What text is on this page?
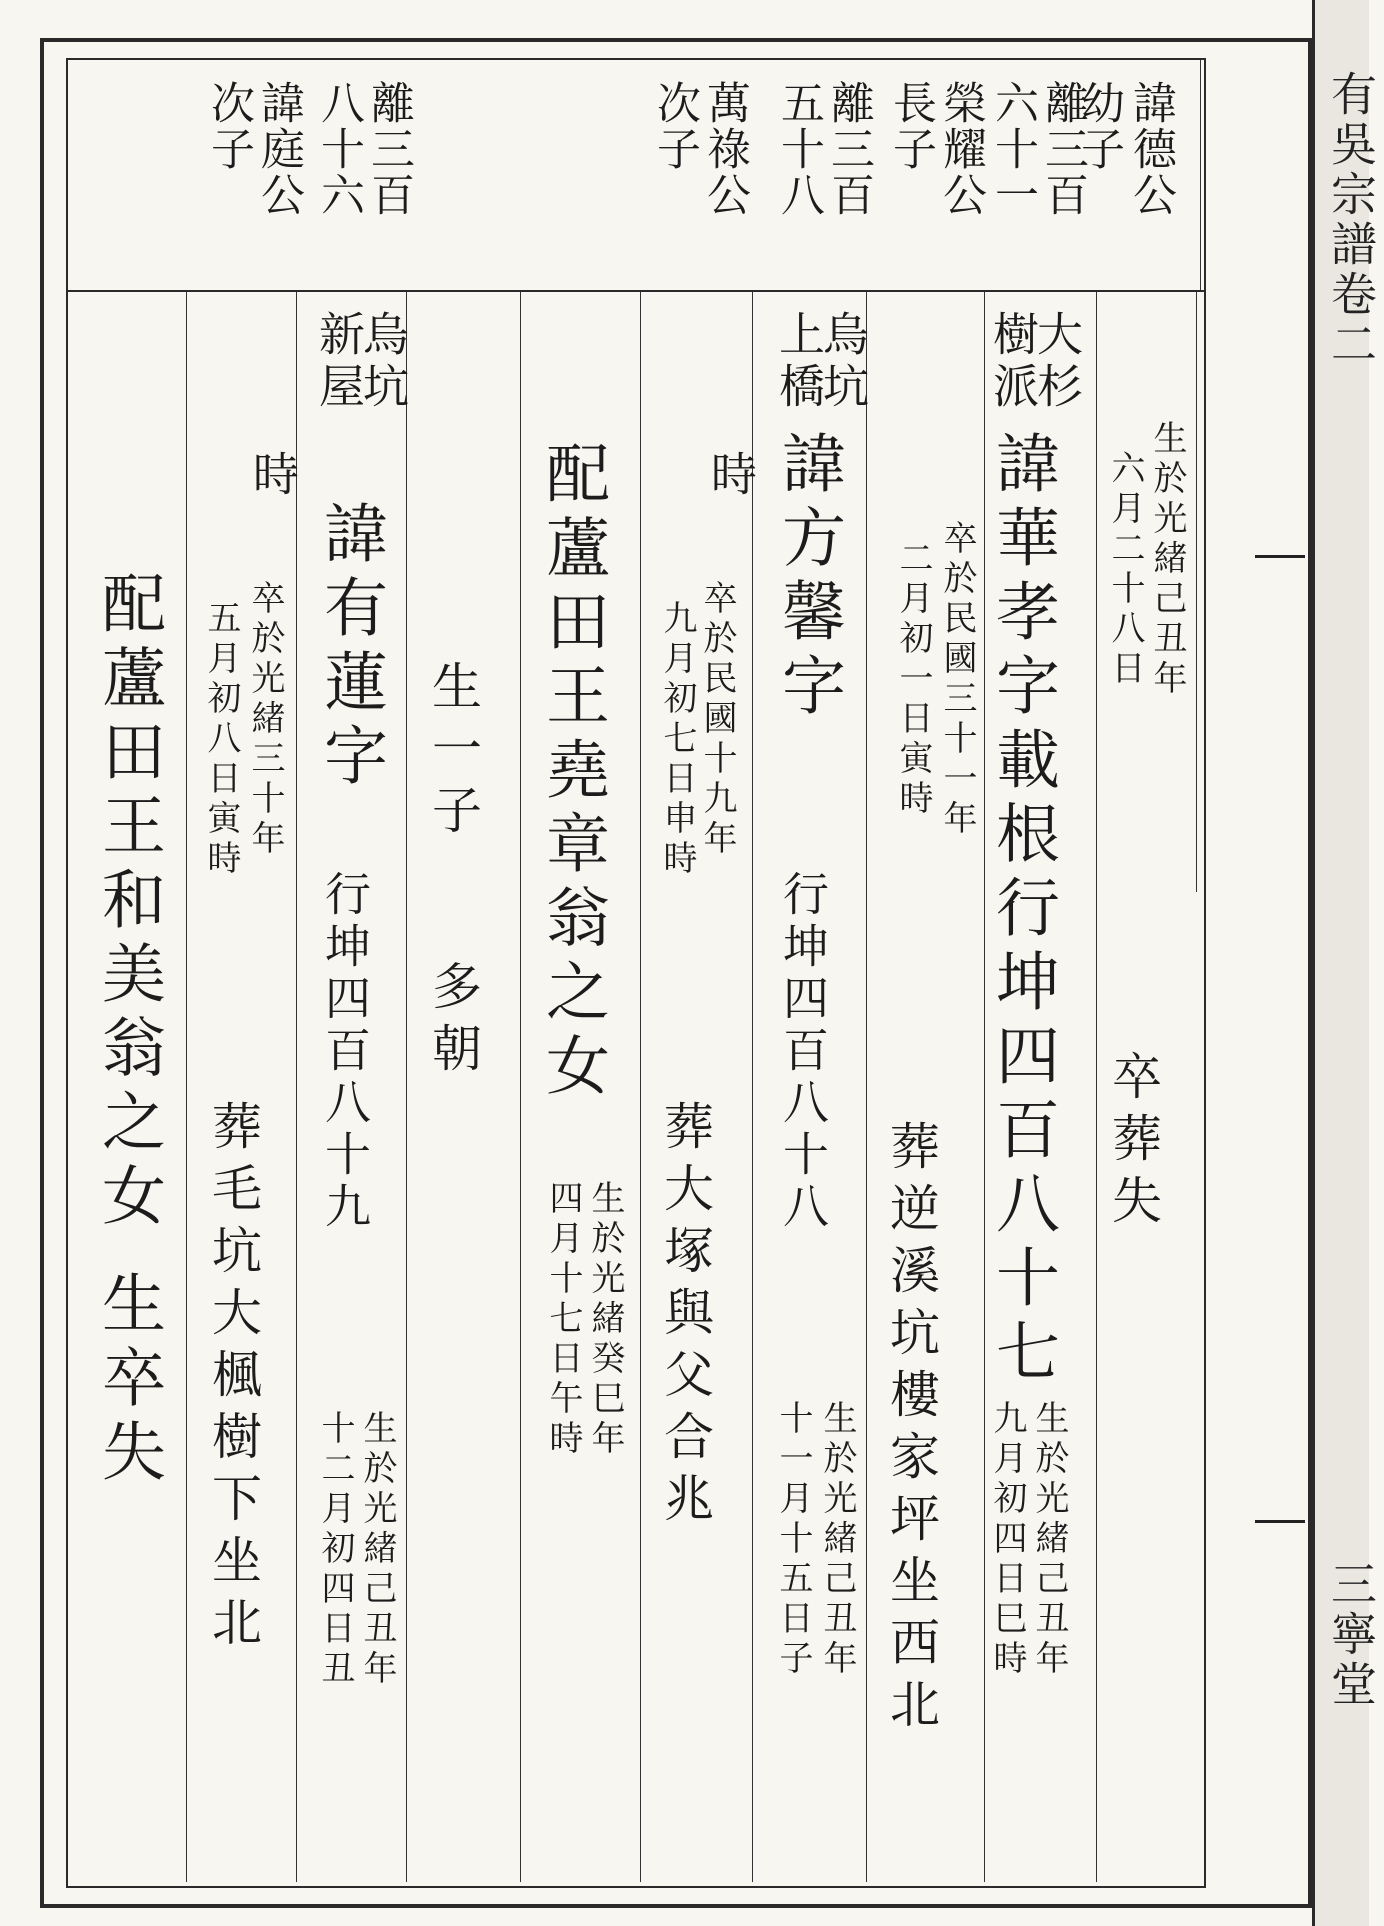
諱德公
幼子
離三百
六十一
榮耀公
長子
離三百
五十八
萬祿公
次子
離三百
八十六
諱庭公
次子
生於光緒己丑年
六月二十八日
卒葬失
大杉
樹派
諱華孝字載根行坤四百八十七
生於光緒己丑年
九月初四日巳時
卒於民國三十一年
二月初一日寅時
葬逆溪坑樓家坪坐西北
烏坑
上橋
諱方馨字
行坤四百八十八
生於光緒己丑年
十一月十五日子
時
卒於民國十九年
九月初七日申時
葬大塚與父合兆
配蘆田王堯章翁之女
生於光緒癸巳年
四月十七日午時
生一子
多朝
烏坑
新屋
諱有蓮字
行坤四百八十九
生於光緒己丑年
十二月初四日丑
時
卒於光緒三十年
五月初八日寅時
葬毛坑大楓樹下坐北
配蘆田王和美翁之女
生卒失
有吳宗譜卷二
三寧堂
